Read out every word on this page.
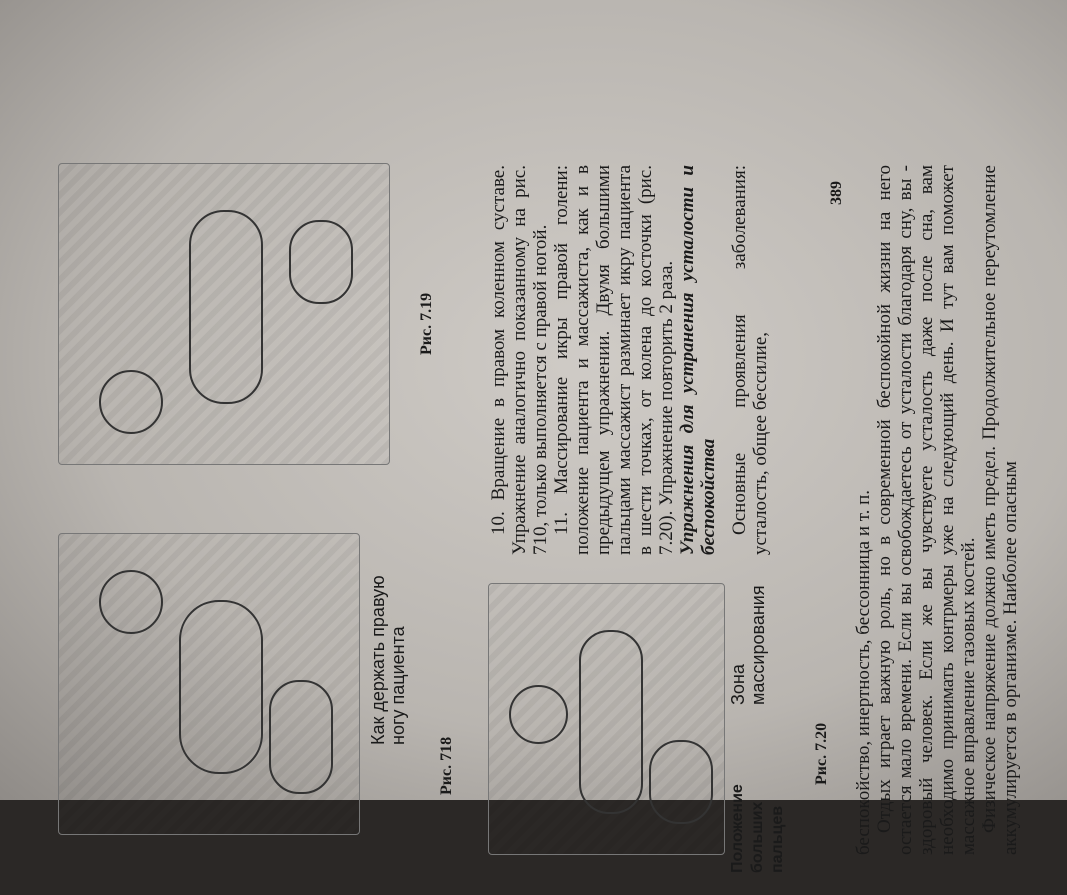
Как держать правую ногу пациента
Рис. 718
Рис. 7.19
Положение больших пальцев
Зона массирования
Рис. 7.20

10. Вращение в правом коленном суставе. Упражнение аналогично показанному на рис. 710, только выполняется с правой ногой. 11. Массирование икры правой голени: положение пациента и массажиста, как и в предыдущем упражнении. Двумя большими пальцами массажист разминает икру пациента в шести точках, от колена до косточки (рис. 7.20). Упражнение повторить 2 раза. Упражнения для устранения усталости и беспокойства Основные проявления заболевания: усталость, общее бессилие,

беспокойство, инертность, бессонница и т. п. Отдых играет важную роль, но в современной беспокойной жизни на него остается мало времени. Если вы освобождаетесь от усталости благодаря сну, вы - здоровый человек. Если же вы чувствуете усталость даже после сна, вам необходимо принимать контрмеры уже на следующий день. И тут вам поможет массажное вправление тазовых костей. Физическое напряжение должно иметь предел. Продолжительное переутомление аккумулируется в организме. Наиболее опасным

389
